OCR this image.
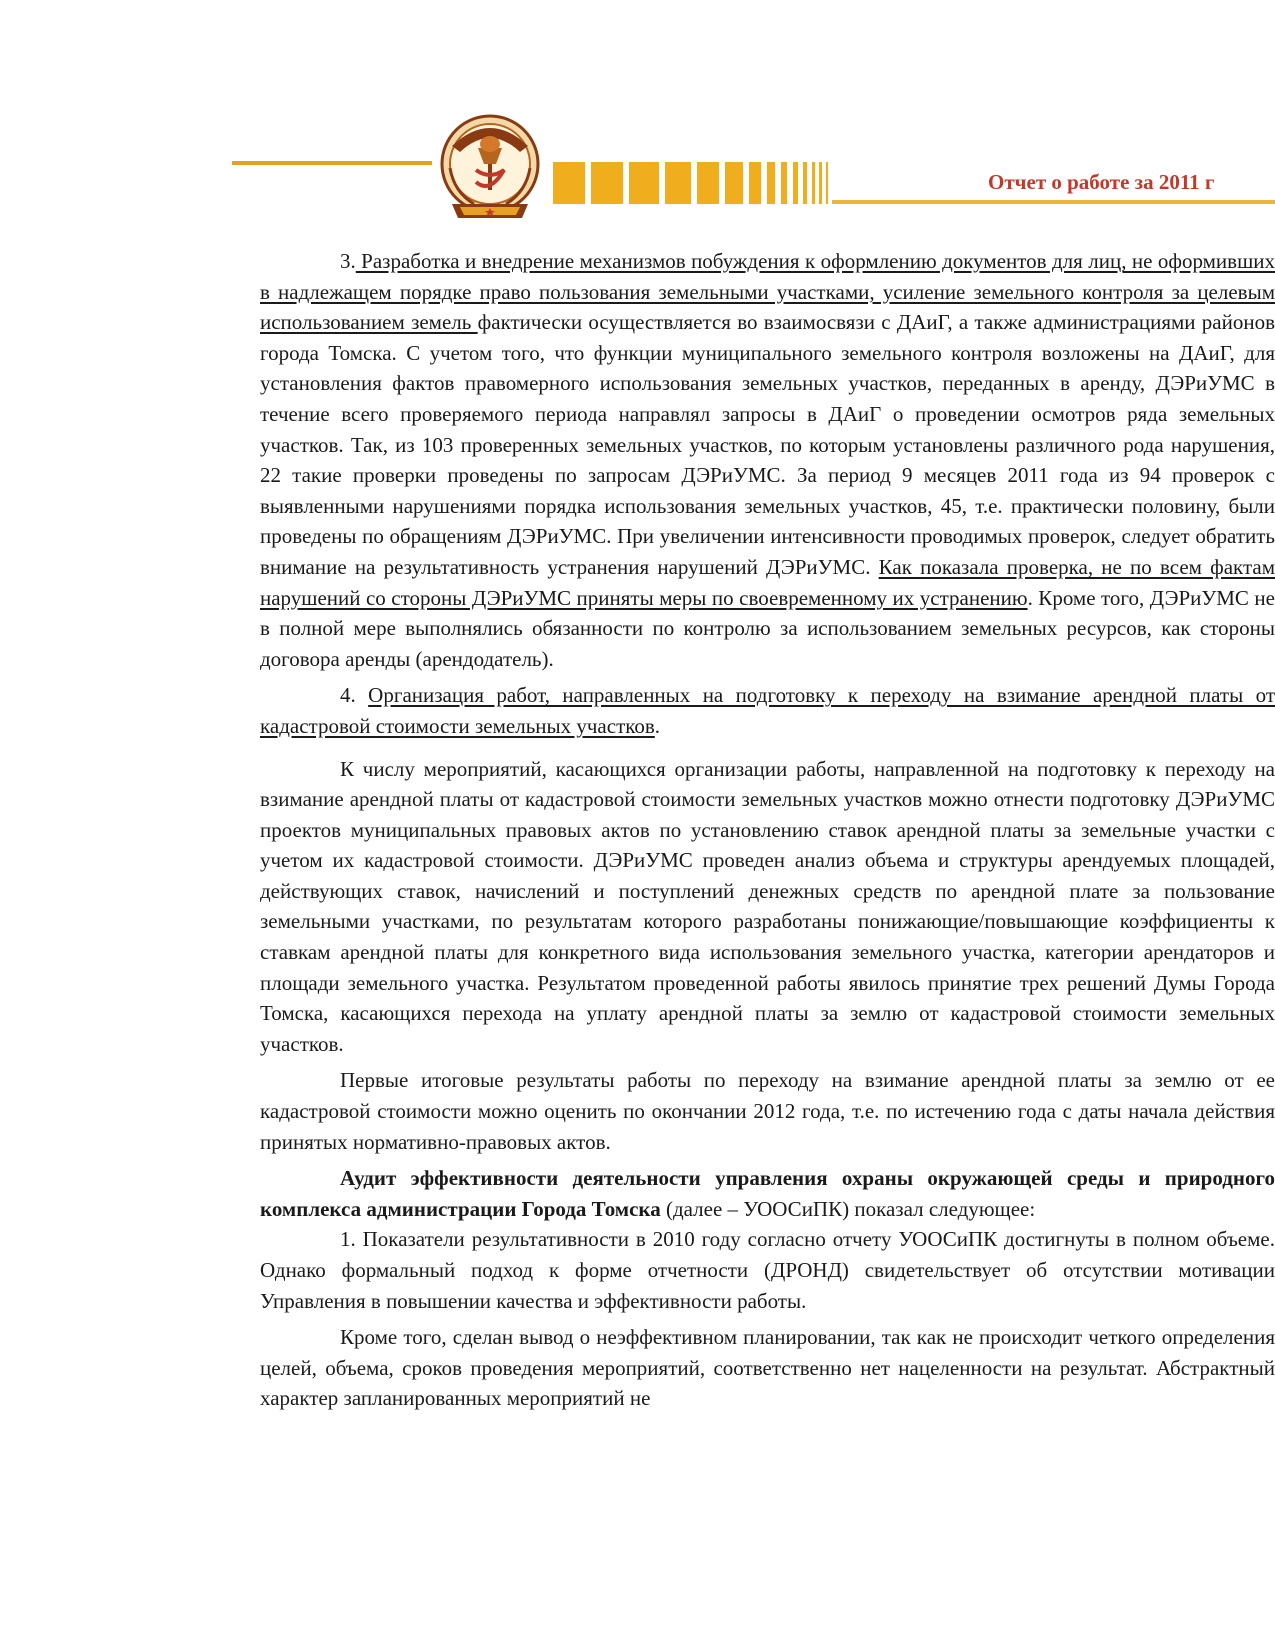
Отчет о работе за 2011 г

3. Разработка и внедрение механизмов побуждения к оформлению документов для лиц, не оформивших в надлежащем порядке право пользования земельными участками, усиление земельного контроля за целевым использованием земель фактически осуществляется во взаимосвязи с ДАиГ, а также администрациями районов города Томска. С учетом того, что функции муниципального земельного контроля возложены на ДАиГ, для установления фактов правомерного использования земельных участков, переданных в аренду, ДЭРиУМС в течение всего проверяемого периода направлял запросы в ДАиГ о проведении осмотров ряда земельных участков. Так, из 103 проверенных земельных участков, по которым установлены различного рода нарушения, 22 такие проверки проведены по запросам ДЭРиУМС. За период 9 месяцев 2011 года из 94 проверок с выявленными нарушениями порядка использования земельных участков, 45, т.е. практически половину, были проведены по обращениям ДЭРиУМС. При увеличении интенсивности проводимых проверок, следует обратить внимание на результативность устранения нарушений ДЭРиУМС. Как показала проверка, не по всем фактам нарушений со стороны ДЭРиУМС приняты меры по своевременному их устранению. Кроме того, ДЭРиУМС не в полной мере выполнялись обязанности по контролю за использованием земельных ресурсов, как стороны договора аренды (арендодатель).

4. Организация работ, направленных на подготовку к переходу на взимание арендной платы от кадастровой стоимости земельных участков.

К числу мероприятий, касающихся организации работы, направленной на подготовку к переходу на взимание арендной платы от кадастровой стоимости земельных участков можно отнести подготовку ДЭРиУМС проектов муниципальных правовых актов по установлению ставок арендной платы за земельные участки с учетом их кадастровой стоимости. ДЭРиУМС проведен анализ объема и структуры арендуемых площадей, действующих ставок, начислений и поступлений денежных средств по арендной плате за пользование земельными участками, по результатам которого разработаны понижающие/повышающие коэффициенты к ставкам арендной платы для конкретного вида использования земельного участка, категории арендаторов и площади земельного участка. Результатом проведенной работы явилось принятие трех решений Думы Города Томска, касающихся перехода на уплату арендной платы за землю от кадастровой стоимости земельных участков.

Первые итоговые результаты работы по переходу на взимание арендной платы за землю от ее кадастровой стоимости можно оценить по окончании 2012 года, т.е. по истечению года с даты начала действия принятых нормативно-правовых актов.

Аудит эффективности деятельности управления охраны окружающей среды и природного комплекса администрации Города Томска (далее – УООСиПК) показал следующее:

1. Показатели результативности в 2010 году согласно отчету УООСиПК достигнуты в полном объеме. Однако формальный подход к форме отчетности (ДРОНД) свидетельствует об отсутствии мотивации Управления в повышении качества и эффективности работы.

Кроме того, сделан вывод о неэффективном планировании, так как не происходит четкого определения целей, объема, сроков проведения мероприятий, соответственно нет нацеленности на результат. Абстрактный характер запланированных мероприятий не
